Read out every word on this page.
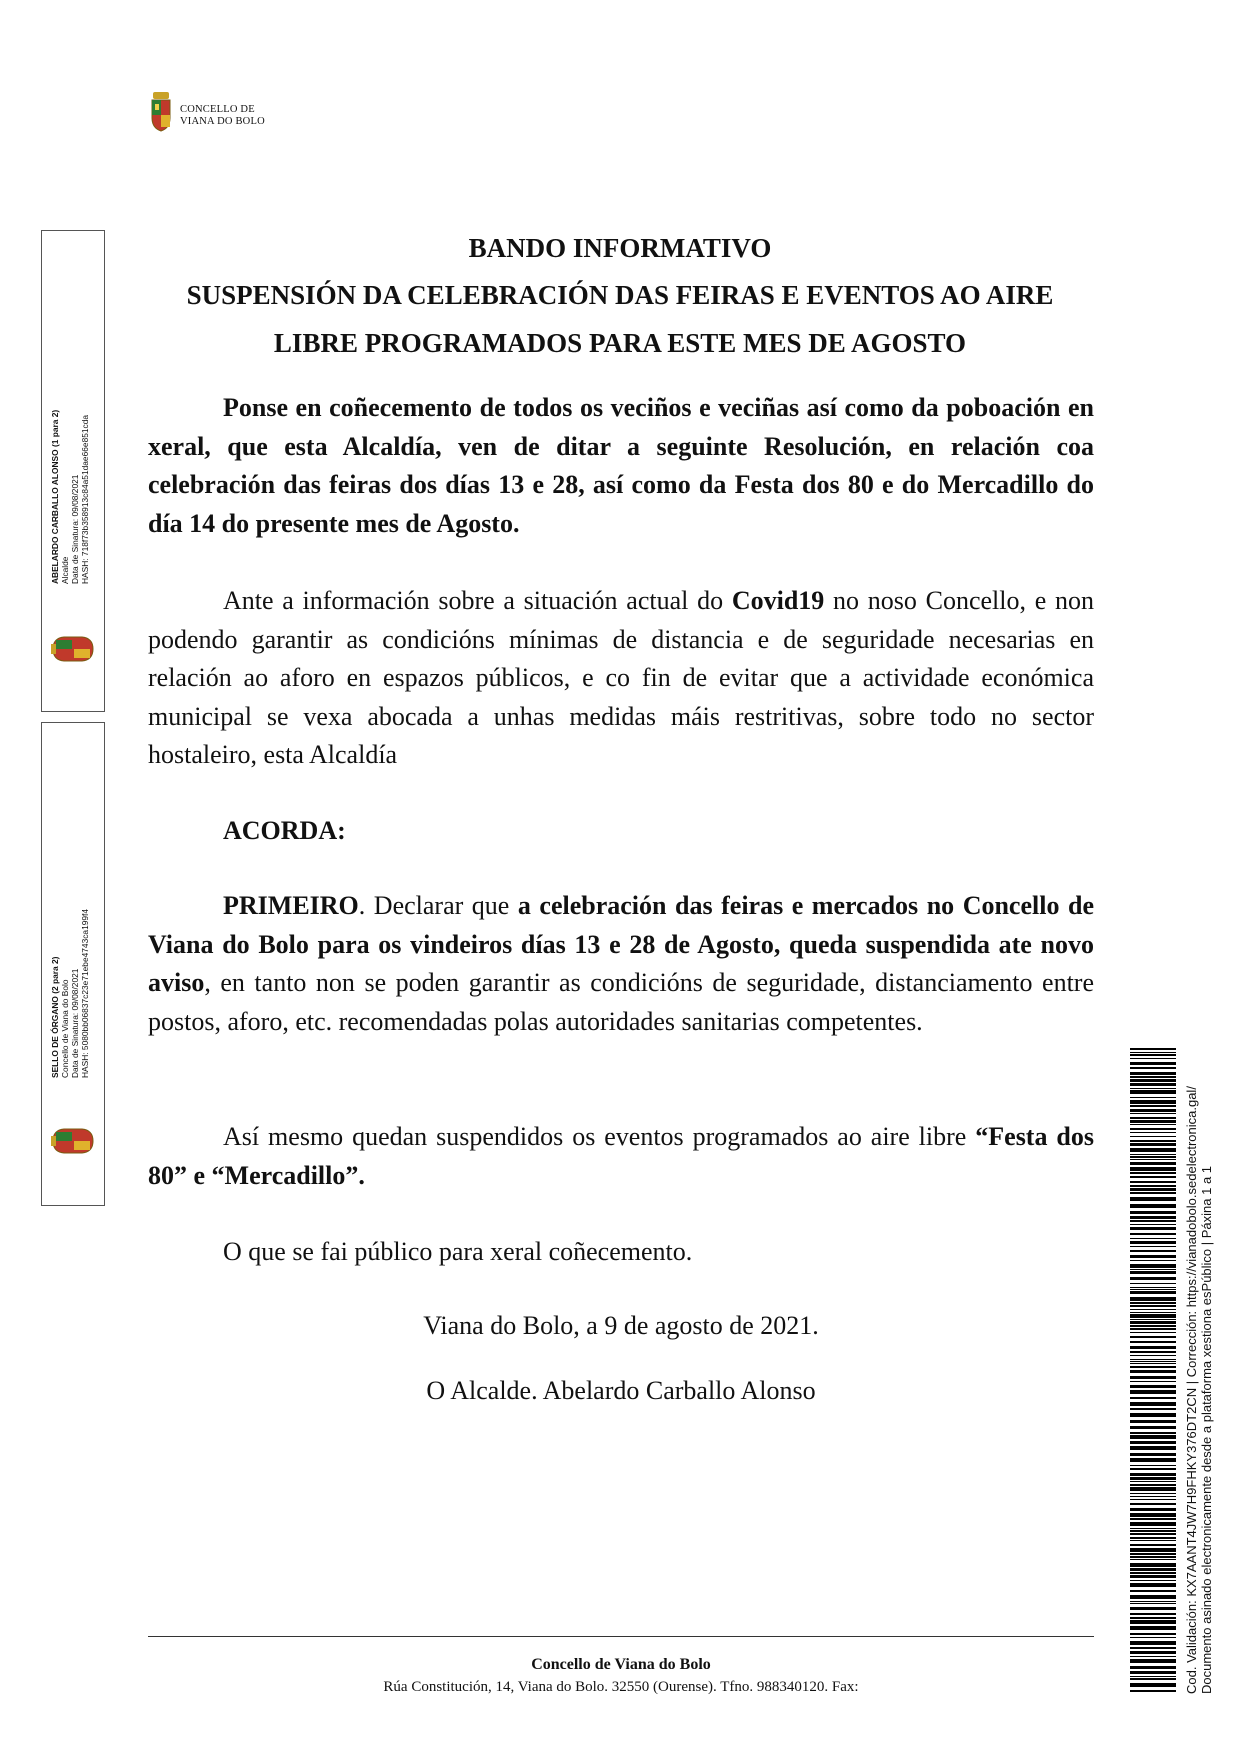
CONCELLO DE
VIANA DO BOLO
ABELARDO CARBALLO ALONSO (1 para 2) Alcalde Data de Sinatura: 09/08/2021 HASH: 718f73b358913c84a51dae66e851cda
SELLO DE ÓRGANO (2 para 2) Concello de Viana do Bolo Data de Sinatura: 09/08/2021 HASH: 5080bb06837c23e71ebe4743ca199f4
BANDO INFORMATIVO
SUSPENSIÓN DA CELEBRACIÓN DAS FEIRAS E EVENTOS AO AIRE
LIBRE PROGRAMADOS PARA ESTE MES DE AGOSTO

Ponse en coñecemento de todos os veciños e veciñas así como da poboación en xeral, que esta Alcaldía, ven de ditar a seguinte Resolución, en relación coa celebración das feiras dos días 13 e 28, así como da Festa dos 80 e do Mercadillo do día 14 do presente mes de Agosto.

Ante a información sobre a situación actual do Covid19 no noso Concello, e non podendo garantir as condicións mínimas de distancia e de seguridade necesarias en relación ao aforo en espazos públicos, e co fin de evitar que a actividade económica municipal se vexa abocada a unhas medidas máis restritivas, sobre todo no sector hostaleiro, esta Alcaldía

ACORDA:

PRIMEIRO. Declarar que a celebración das feiras e mercados no Concello de Viana do Bolo para os vindeiros días 13 e 28 de Agosto, queda suspendida ate novo aviso, en tanto non se poden garantir as condicións de seguridade, distanciamento entre postos, aforo, etc. recomendadas polas autoridades sanitarias competentes.

Así mesmo quedan suspendidos os eventos programados ao aire libre “Festa dos 80” e “Mercadillo”.

O que se fai público para xeral coñecemento.

Viana do Bolo, a 9 de agosto de 2021.

O Alcalde. Abelardo Carballo Alonso

Concello de Viana do Bolo

Rúa Constitución, 14, Viana do Bolo. 32550 (Ourense). Tfno. 988340120. Fax:	Cod. Validación: KX7AANT4JW7H9FHKY376DT2CN | Corrección: https://vianadobolo.sedelectronica.gal/ Documento asinado electronicamente desde a plataforma xestiona esPúblico | Páxina 1 a 1
